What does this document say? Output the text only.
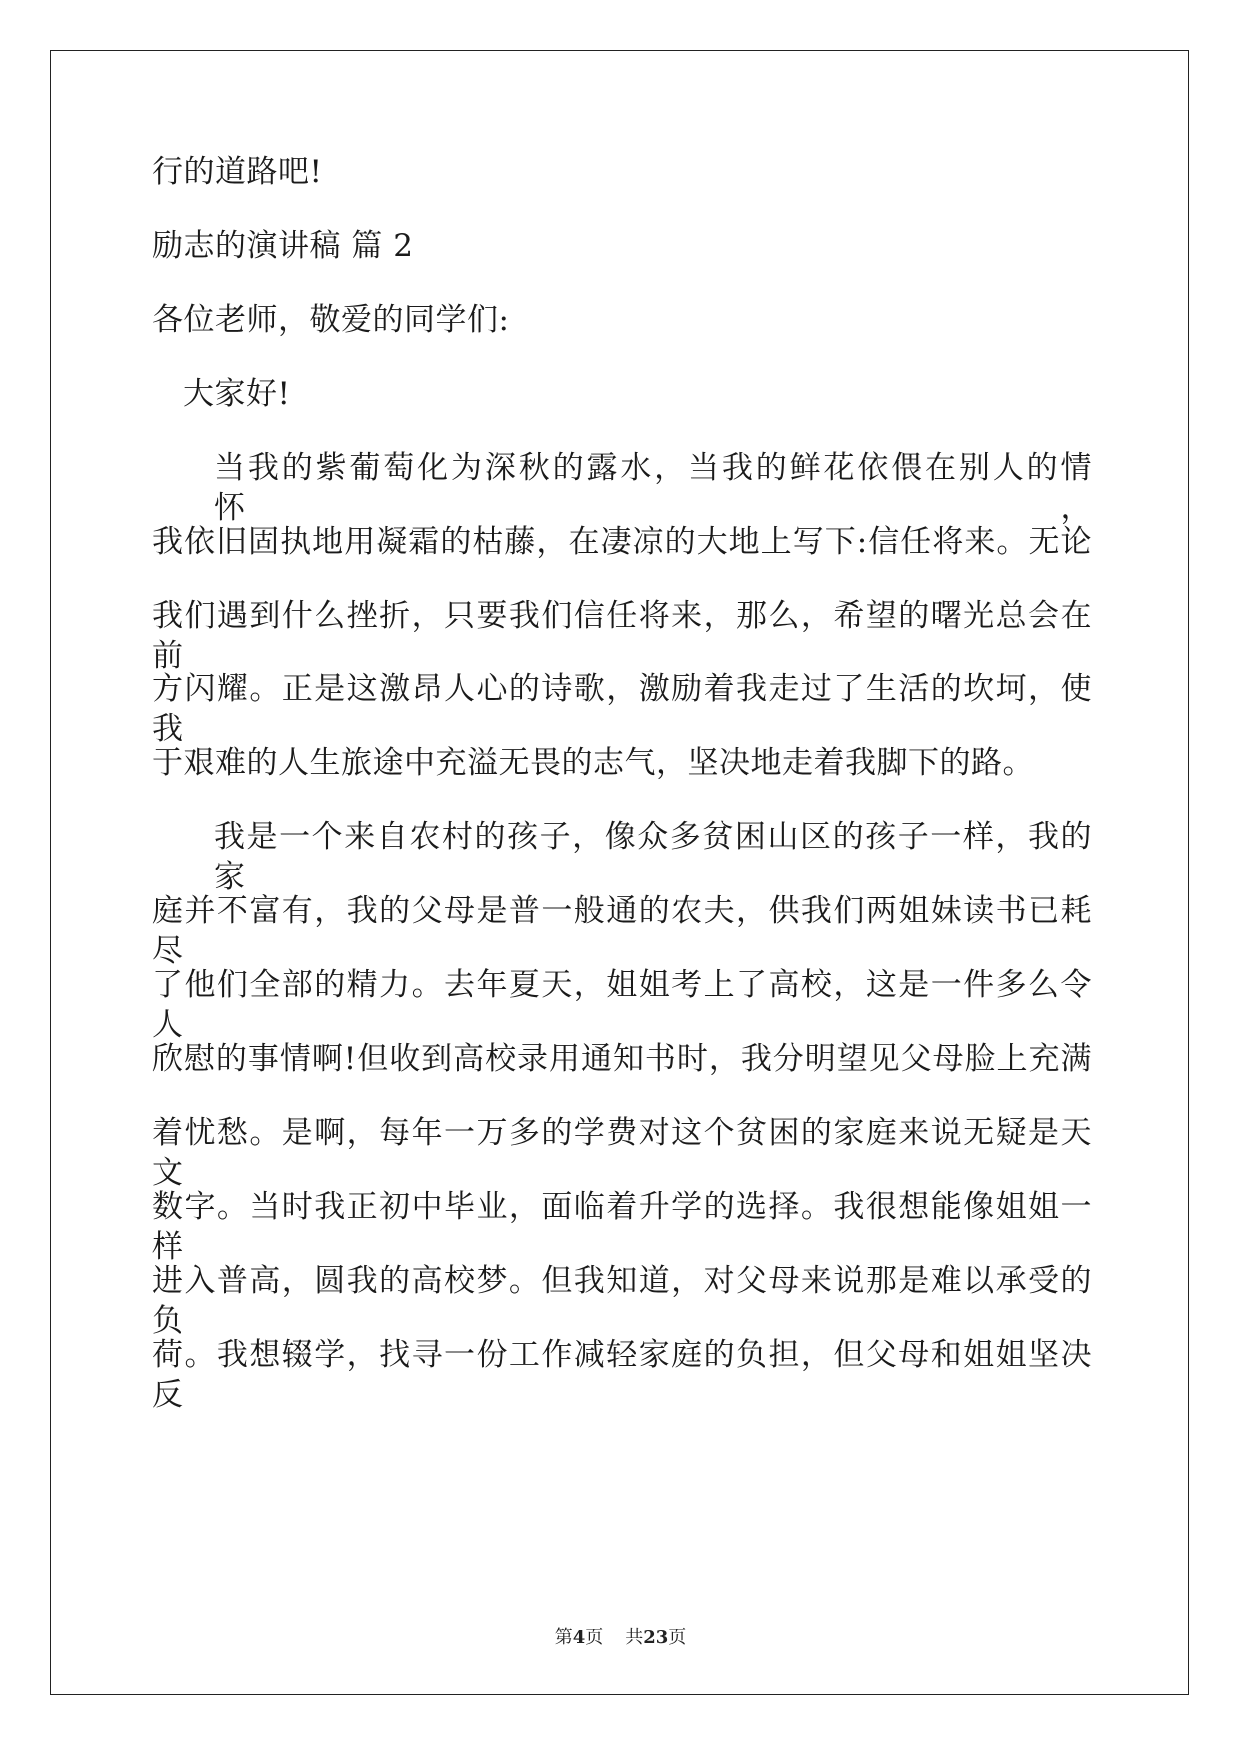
行的道路吧!
励志的演讲稿 篇 2
各位老师，敬爱的同学们:
大家好!
当我的紫葡萄化为深秋的露水，当我的鲜花依偎在别人的情怀，
我依旧固执地用凝霜的枯藤，在凄凉的大地上写下:信任将来。无论
我们遇到什么挫折，只要我们信任将来，那么，希望的曙光总会在前
方闪耀。正是这激昂人心的诗歌，激励着我走过了生活的坎坷，使我
于艰难的人生旅途中充溢无畏的志气，坚决地走着我脚下的路。
我是一个来自农村的孩子，像众多贫困山区的孩子一样，我的家
庭并不富有，我的父母是普一般通的农夫，供我们两姐妹读书已耗尽
了他们全部的精力。去年夏天，姐姐考上了高校，这是一件多么令人
欣慰的事情啊!但收到高校录用通知书时，我分明望见父母脸上充满
着忧愁。是啊，每年一万多的学费对这个贫困的家庭来说无疑是天文
数字。当时我正初中毕业，面临着升学的选择。我很想能像姐姐一样
进入普高，圆我的高校梦。但我知道，对父母来说那是难以承受的负
荷。我想辍学，找寻一份工作减轻家庭的负担，但父母和姐姐坚决反
第4页 共23页
